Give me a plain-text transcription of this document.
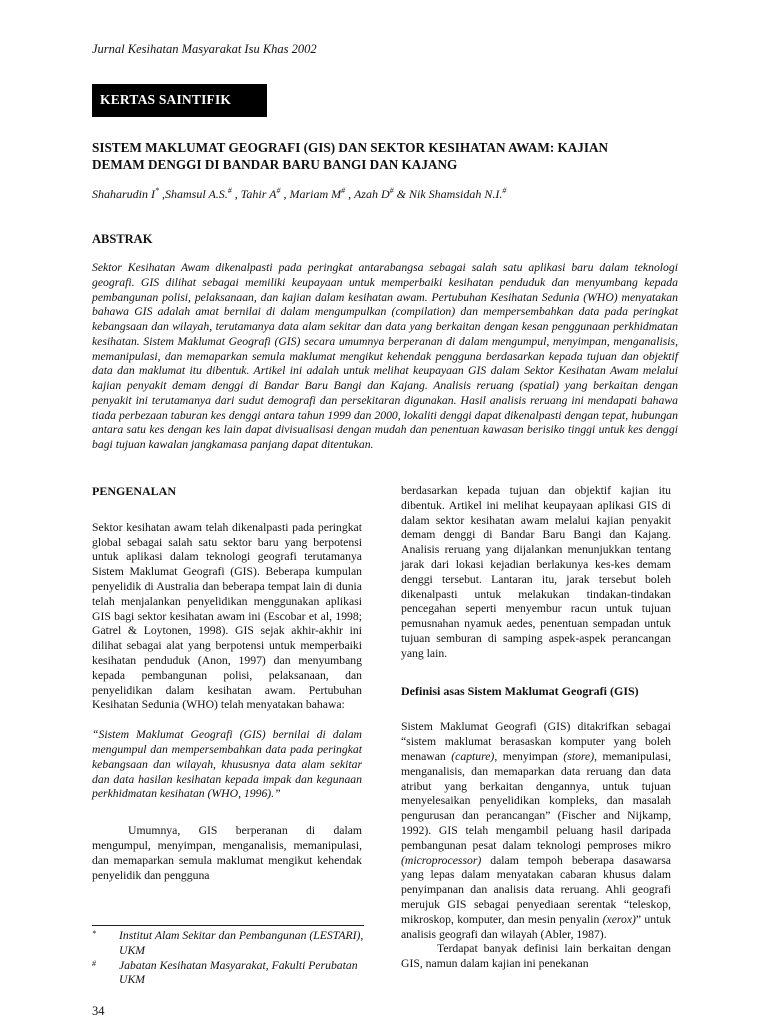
Jurnal Kesihatan Masyarakat Isu Khas 2002
KERTAS SAINTIFIK
SISTEM MAKLUMAT GEOGRAFI (GIS) DAN SEKTOR KESIHATAN AWAM: KAJIAN
DEMAM DENGGI DI BANDAR BARU BANGI DAN KAJANG
Shaharudin I* ,Shamsul A.S.# , Tahir A# , Mariam M# , Azah D# & Nik Shamsidah N.I.#
ABSTRAK
Sektor Kesihatan Awam dikenalpasti pada peringkat antarabangsa sebagai salah satu aplikasi baru dalam teknologi geografi. GIS dilihat sebagai memiliki keupayaan untuk memperbaiki kesihatan penduduk dan menyumbang kepada pembangunan polisi, pelaksanaan, dan kajian dalam kesihatan awam. Pertubuhan Kesihatan Sedunia (WHO) menyatakan bahawa GIS adalah amat bernilai di dalam mengumpulkan (compilation) dan mempersembahkan data pada peringkat kebangsaan dan wilayah, terutamanya data alam sekitar dan data yang berkaitan dengan kesan penggunaan perkhidmatan kesihatan. Sistem Maklumat Geografi (GIS) secara umumnya berperanan di dalam mengumpul, menyimpan, menganalisis, memanipulasi, dan memaparkan semula maklumat mengikut kehendak pengguna berdasarkan kepada tujuan dan objektif data dan maklumat itu dibentuk. Artikel ini adalah untuk melihat keupayaan GIS dalam Sektor Kesihatan Awam melalui kajian penyakit demam denggi di Bandar Baru Bangi dan Kajang. Analisis reruang (spatial) yang berkaitan dengan penyakit ini terutamanya dari sudut demografi dan persekitaran digunakan. Hasil analisis reruang ini mendapati bahawa tiada perbezaan taburan kes denggi antara tahun 1999 dan 2000, lokaliti denggi dapat dikenalpasti dengan tepat, hubungan antara satu kes dengan kes lain dapat divisualisasi dengan mudah dan penentuan kawasan berisiko tinggi untuk kes denggi bagi tujuan kawalan jangkamasa panjang dapat ditentukan.

PENGENALAN

Sektor kesihatan awam telah dikenalpasti pada peringkat global sebagai salah satu sektor baru yang berpotensi untuk aplikasi dalam teknologi geografi terutamanya Sistem Maklumat Geografi (GIS). Beberapa kumpulan penyelidik di Australia dan beberapa tempat lain di dunia telah menjalankan penyelidikan menggunakan aplikasi GIS bagi sektor kesihatan awam ini (Escobar et al, 1998; Gatrel & Loytonen, 1998). GIS sejak akhir-akhir ini dilihat sebagai alat yang berpotensi untuk memperbaiki kesihatan penduduk (Anon, 1997) dan menyumbang kepada pembangunan polisi, pelaksanaan, dan penyelidikan dalam kesihatan awam. Pertubuhan Kesihatan Sedunia (WHO) telah menyatakan bahawa:

“Sistem Maklumat Geografi (GIS) bernilai di dalam mengumpul dan mempersembahkan data pada peringkat kebangsaan dan wilayah, khususnya data alam sekitar dan data hasilan kesihatan kepada impak dan kegunaan perkhidmatan kesihatan (WHO, 1996).”

Umumnya, GIS berperanan di dalam mengumpul, menyimpan, menganalisis, memanipulasi, dan memaparkan semula maklumat mengikut kehendak penyelidik dan pengguna

*	Institut Alam Sekitar dan Pembangunan (LESTARI), UKM
#	Jabatan Kesihatan Masyarakat, Fakulti Perubatan UKM

berdasarkan kepada tujuan dan objektif kajian itu dibentuk. Artikel ini melihat keupayaan aplikasi GIS di dalam sektor kesihatan awam melalui kajian penyakit demam denggi di Bandar Baru Bangi dan Kajang. Analisis reruang yang dijalankan menunjukkan tentang jarak dari lokasi kejadian berlakunya kes-kes demam denggi tersebut. Lantaran itu, jarak tersebut boleh dikenalpasti untuk melakukan tindakan-tindakan pencegahan seperti menyembur racun untuk tujuan pemusnahan nyamuk aedes, penentuan sempadan untuk tujuan semburan di samping aspek-aspek perancangan yang lain.

Definisi asas Sistem Maklumat Geografi (GIS)

Sistem Maklumat Geografi (GIS) ditakrifkan sebagai “sistem maklumat berasaskan komputer yang boleh menawan (capture), menyimpan (store), memanipulasi, menganalisis, dan memaparkan data reruang dan data atribut yang berkaitan dengannya, untuk tujuan menyelesaikan penyelidikan kompleks, dan masalah pengurusan dan perancangan” (Fischer and Nijkamp, 1992). GIS telah mengambil peluang hasil daripada pembangunan pesat dalam teknologi pemproses mikro (microprocessor) dalam tempoh beberapa dasawarsa yang lepas dalam menyatakan cabaran khusus dalam penyimpanan dan analisis data reruang. Ahli geografi merujuk GIS sebagai penyediaan serentak “teleskop, mikroskop, komputer, dan mesin penyalin (xerox)” untuk analisis geografi dan wilayah (Abler, 1987).

Terdapat banyak definisi lain berkaitan dengan GIS, namun dalam kajian ini penekanan

34
